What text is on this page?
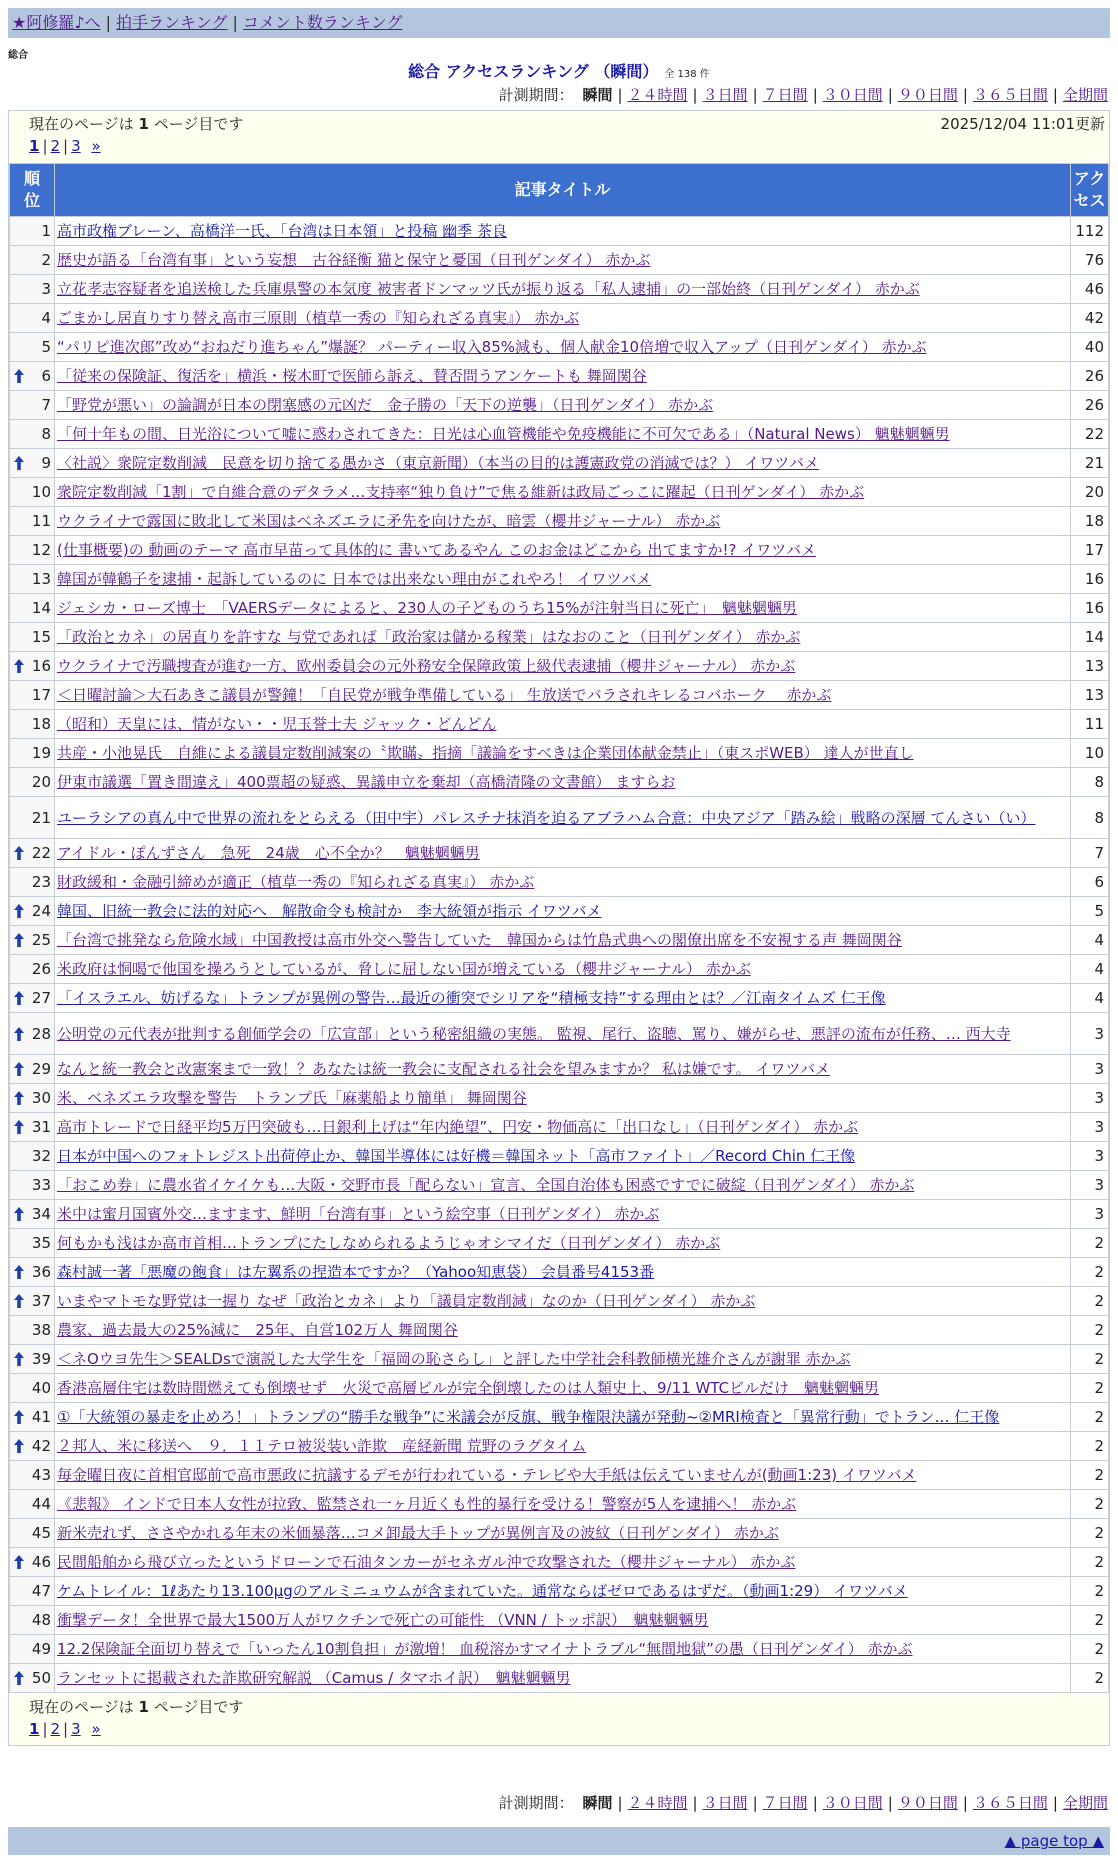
★阿修羅♪へ | 拍手ランキング | コメント数ランキング
総合
総合 アクセスランキング （瞬間） 全 138 件
計測期間： 瞬間 | ２４時間 | ３日間 | ７日間 | ３０日間 | ９０日間 | ３６５日間 | 全期間
現在のページは 1 ページ目です	2025/12/04 11:01更新
1 | 2 | 3 »
順位	記事タイトル	アクセス
1	高市政権ブレーン、高橋洋一氏、「台湾は日本領」と投稿 幽季 茶良	112
2	歴史が語る「台湾有事」という妄想　古谷経衡 猫と保守と憂国（日刊ゲンダイ） 赤かぶ	76
3	立花孝志容疑者を追送検した兵庫県警の本気度 被害者ドンマッツ氏が振り返る「私人逮捕」の一部始終（日刊ゲンダイ） 赤かぶ	46
4	ごまかし居直りすり替え高市三原則（植草一秀の『知られざる真実』） 赤かぶ	42
5	“パリピ進次郎”改め“おねだり進ちゃん”爆誕？ パーティー収入85%減も、個人献金10倍増で収入アップ（日刊ゲンダイ） 赤かぶ	40

6	「従来の保険証、復活を」横浜・桜木町で医師ら訴え、賛否問うアンケートも 舞岡関谷	26
7	「野党が悪い」の論調が日本の閉塞感の元凶だ　金子勝の「天下の逆襲」（日刊ゲンダイ） 赤かぶ	26
8	「何十年もの間、日光浴について嘘に惑わされてきた：日光は心血管機能や免疫機能に不可欠である」（Natural News） 魑魅魍魎男	22

9	〈社説〉衆院定数削減　民意を切り捨てる愚かさ（東京新聞）（本当の目的は護憲政党の消滅では？） イワツバメ	21
10	衆院定数削減「1割」で自維合意のデタラメ…支持率“独り負け”で焦る維新は政局ごっこに躍起（日刊ゲンダイ） 赤かぶ	20
11	ウクライナで露国に敗北して米国はベネズエラに矛先を向けたが、暗雲（櫻井ジャーナル） 赤かぶ	18
12	(仕事概要)の 動画のテーマ 高市早苗って具体的に 書いてあるやん このお金はどこから 出てますか!? イワツバメ	17
13	韓国が韓鶴子を逮捕・起訴しているのに 日本では出来ない理由がこれやろ！ イワツバメ	16
14	ジェシカ・ローズ博士　「VAERSデータによると、230人の子どものうち15%が注射当日に死亡」　魑魅魍魎男	16
15	「政治とカネ」の居直りを許すな 与党であれば「政治家は儲かる稼業」はなおのこと（日刊ゲンダイ） 赤かぶ	14

16	ウクライナで汚職捜査が進む一方、欧州委員会の元外務安全保障政策上級代表逮捕（櫻井ジャーナル） 赤かぶ	13
17	＜日曜討論＞大石あきこ議員が警鐘！「自民党が戦争準備している」 生放送でバラされキレるコバホーク　 赤かぶ	13
18	（昭和）天皇には、情がない・・児玉誉士夫 ジャック・どんどん	11
19	共産・小池晃氏　自維による議員定数削減案の〝欺瞞〟指摘「議論をすべきは企業団体献金禁止」（東スポWEB） 達人が世直し	10
20	伊東市議選「置き間違え」400票超の疑惑、異議申立を棄却（高橋清隆の文書館） ますらお	8
21	ユーラシアの真ん中で世界の流れをとらえる（田中宇）パレスチナ抹消を迫るアブラハム合意：中央アジア「踏み絵」戦略の深層 てんさい（い）	8

22	アイドル・ぽんずさん　急死　24歳　心不全か？　魑魅魍魎男	7
23	財政緩和・金融引締めが適正（植草一秀の『知られざる真実』） 赤かぶ	6

24	韓国、旧統一教会に法的対応へ　解散命令も検討か　李大統領が指示 イワツバメ	5

25	「台湾で挑発なら危険水域」中国教授は高市外交へ警告していた　韓国からは竹島式典への閣僚出席を不安視する声 舞岡関谷	4
26	米政府は恫喝で他国を操ろうとしているが、脅しに屈しない国が増えている（櫻井ジャーナル） 赤かぶ	4

27	「イスラエル、妨げるな」トランプが異例の警告…最近の衝突でシリアを“積極支持”する理由とは？／江南タイムズ 仁王像	4

28	公明党の元代表が批判する創価学会の「広宣部」という秘密組織の実態。 監視、尾行、盗聴、罵り、嫌がらせ、悪評の流布が任務、… 西大寺	3

29	なんと統一教会と改憲案まで一致！？あなたは統一教会に支配される社会を望みますか？ 私は嫌です。 イワツバメ	3

30	米、ベネズエラ攻撃を警告　トランプ氏「麻薬船より簡単」 舞岡関谷	3

31	高市トレードで日経平均5万円突破も…日銀利上げは“年内絶望”、円安・物価高に「出口なし」（日刊ゲンダイ） 赤かぶ	3
32	日本が中国へのフォトレジスト出荷停止か、韓国半導体には好機＝韓国ネット「高市ファイト」／Record Chin 仁王像	3
33	「おこめ券」に農水省イケイケも…大阪・交野市長「配らない」宣言、全国自治体も困惑ですでに破綻（日刊ゲンダイ） 赤かぶ	3

34	米中は蜜月国賓外交…ますます、鮮明「台湾有事」という絵空事（日刊ゲンダイ） 赤かぶ	3
35	何もかも浅はか高市首相…トランプにたしなめられるようじゃオシマイだ（日刊ゲンダイ） 赤かぶ	2

36	森村誠一著「悪魔の飽食」は左翼系の捏造本ですか？（Yahoo知恵袋） 会員番号4153番	2

37	いまやマトモな野党は一握り なぜ「政治とカネ」より「議員定数削減」なのか（日刊ゲンダイ） 赤かぶ	2
38	農家、過去最大の25%減に　25年、自営102万人 舞岡関谷	2

39	＜ネOウヨ先生＞SEALDsで演説した大学生を「福岡の恥さらし」と評した中学社会科教師横光雄介さんが謝罪 赤かぶ	2
40	香港高層住宅は数時間燃えても倒壊せず　火災で高層ビルが完全倒壊したのは人類史上、9/11 WTCビルだけ　魑魅魍魎男	2

41	①「大統領の暴走を止めろ！」トランプの“勝手な戦争”に米議会が反旗、戦争権限決議が発動~②MRI検査と「異常行動」でトラン… 仁王像	2

42	２邦人、米に移送へ　９．１１テロ被災装い詐欺　産経新聞 荒野のラグタイム	2
43	毎金曜日夜に首相官邸前で高市悪政に抗議するデモが行われている・テレビや大手紙は伝えていませんが(動画1:23) イワツバメ	2
44	《悲報》 インドで日本人女性が拉致、監禁され一ヶ月近くも性的暴行を受ける！警察が5人を逮捕へ！ 赤かぶ	2
45	新米売れず、ささやかれる年末の米価暴落…コメ卸最大手トップが異例言及の波紋（日刊ゲンダイ） 赤かぶ	2

46	民間船舶から飛び立ったというドローンで石油タンカーがセネガル沖で攻撃された（櫻井ジャーナル） 赤かぶ	2
47	ケムトレイル：1ℓあたり13.100μgのアルミニュウムが含まれていた。通常ならばゼロであるはずだ。（動画1:29） イワツバメ	2
48	衝撃データ！全世界で最大1500万人がワクチンで死亡の可能性 （VNN / トッポ訳）　魑魅魍魎男	2
49	12.2保険証全面切り替えで「いったん10割負担」が激増！ 血税溶かすマイナトラブル“無間地獄”の愚（日刊ゲンダイ） 赤かぶ	2

50	ランセットに掲載された詐欺研究解説 （Camus / タマホイ訳）　魑魅魍魎男	2
現在のページは 1 ページ目です
1 | 2 | 3 »
計測期間： 瞬間 | ２４時間 | ３日間 | ７日間 | ３０日間 | ９０日間 | ３６５日間 | 全期間
▲ page top ▲
